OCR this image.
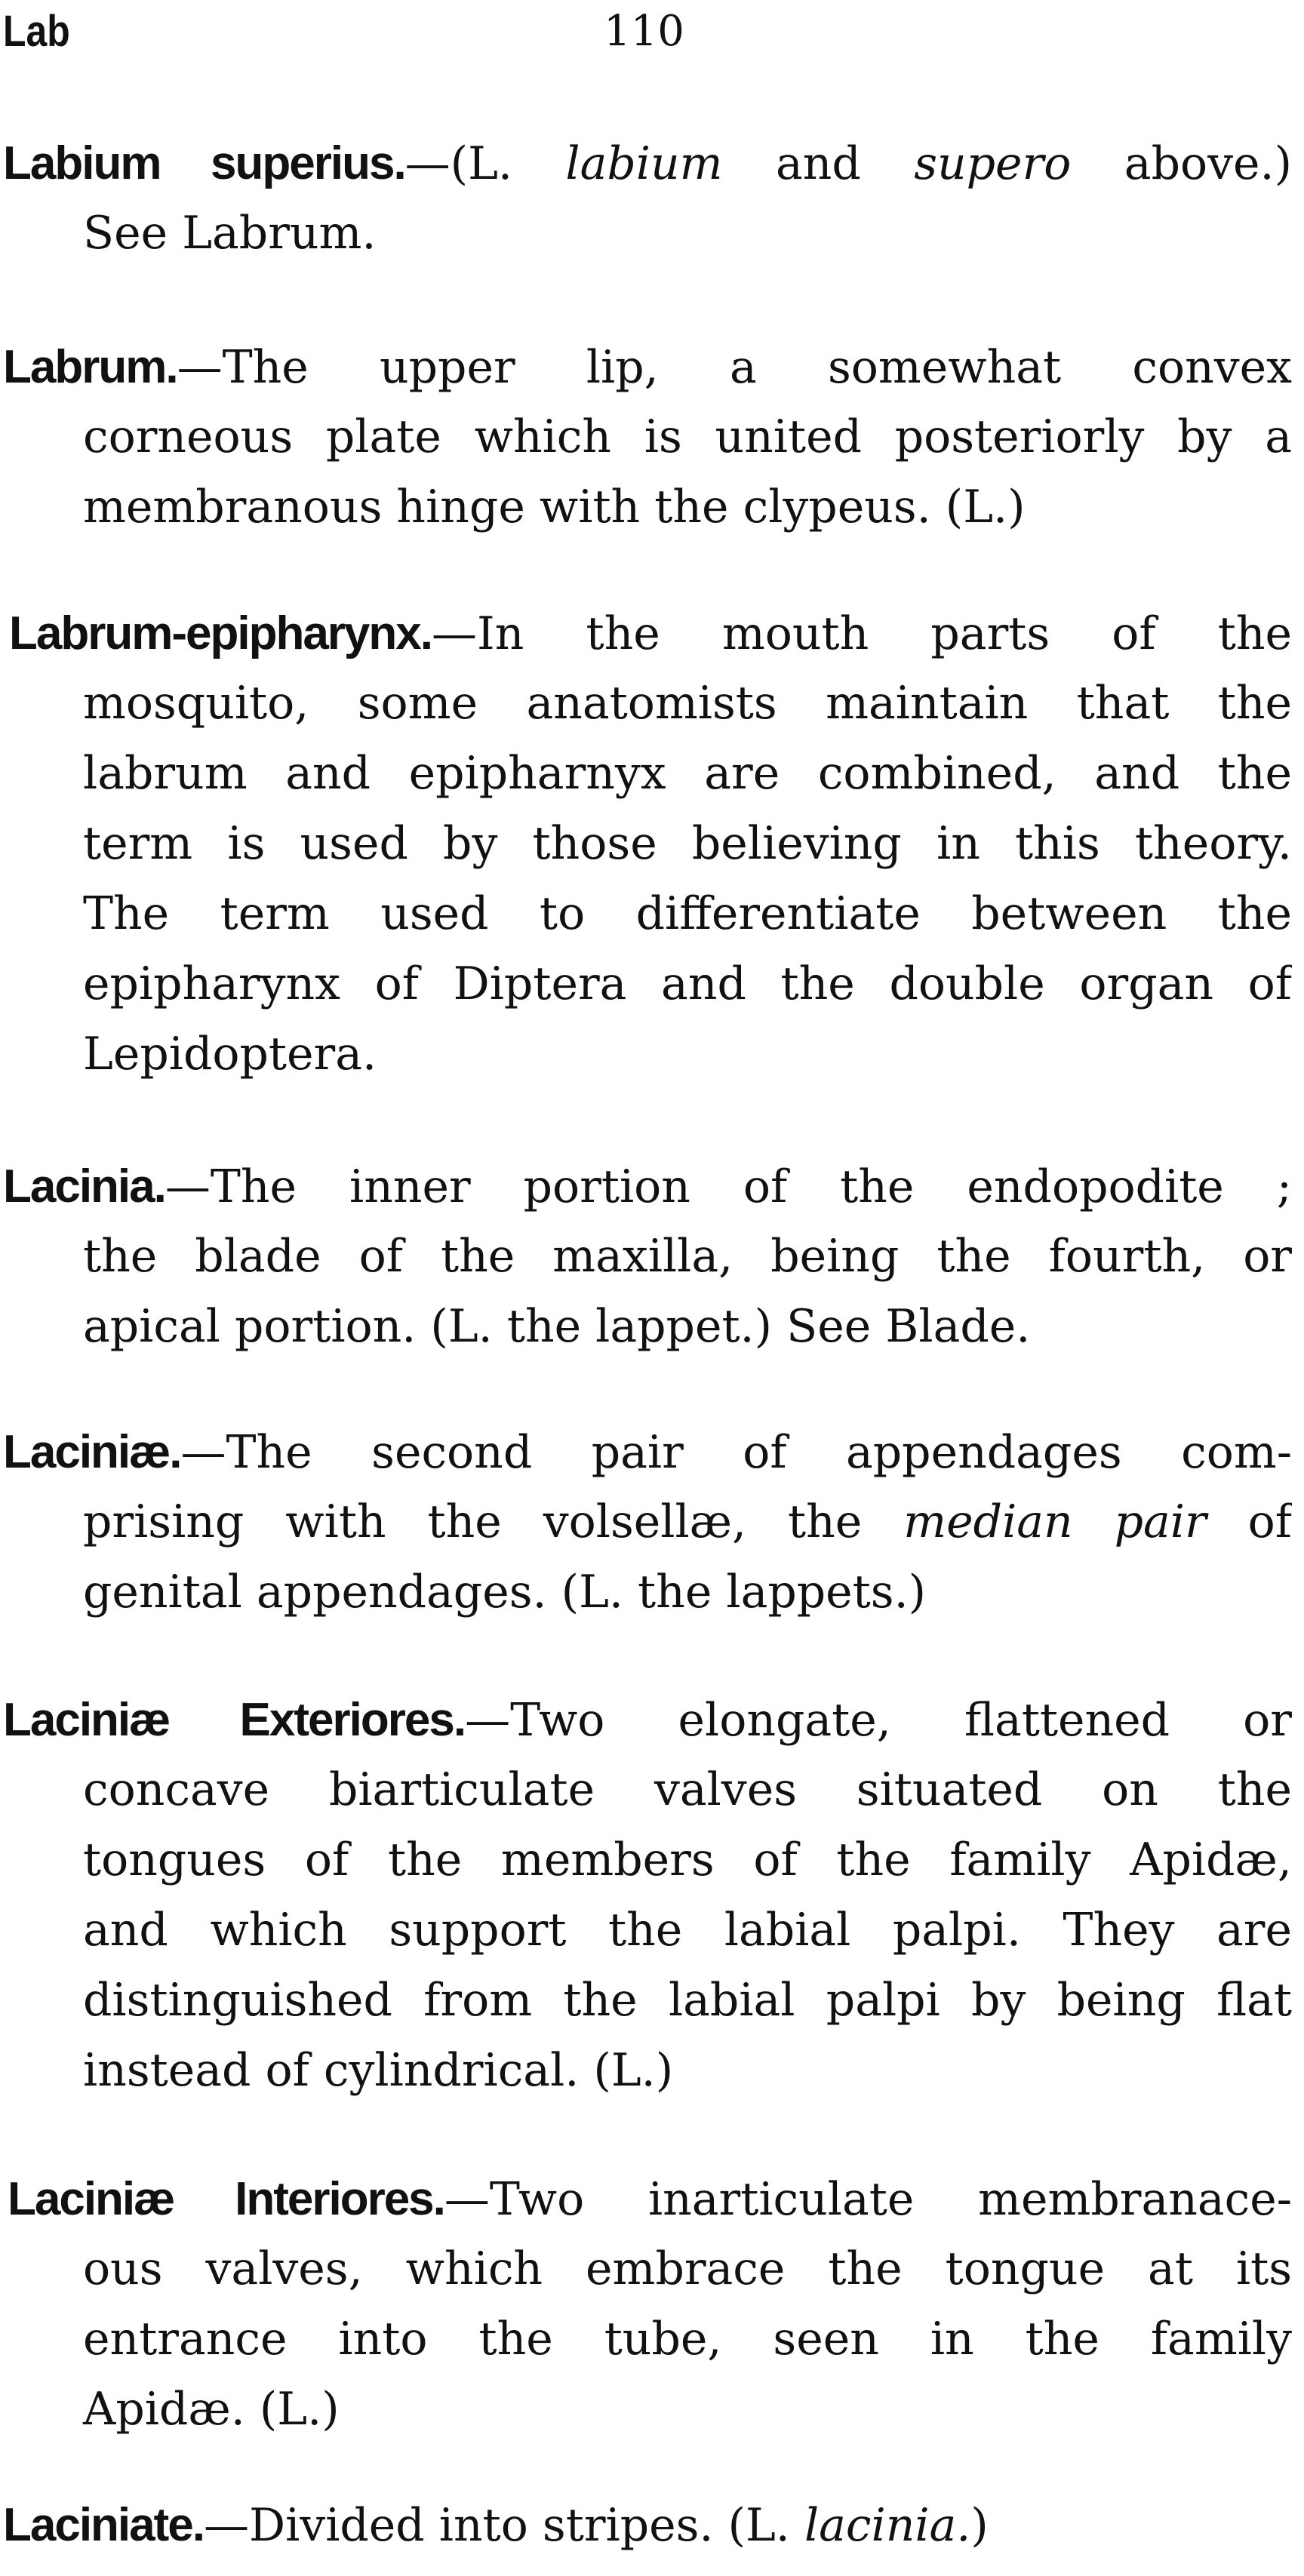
Lab	110
Labium superius.—(L. labium and supero above.)
See Labrum.
Labrum.—The upper lip, a somewhat convex
corneous plate which is united posteriorly by a
membranous hinge with the clypeus. (L.)
Labrum-epipharynx.—In the mouth parts of the
mosquito, some anatomists maintain that the
labrum and epipharnyx are combined, and the
term is used by those believing in this theory.
The term used to differentiate between the
epipharynx of Diptera and the double organ of
Lepidoptera.
Lacinia.—The inner portion of the endopodite ;
the blade of the maxilla, being the fourth, or
apical portion. (L. the lappet.) See Blade.
Laciniæ.—The second pair of appendages com-
prising with the volsellæ, the median pair of
genital appendages. (L. the lappets.)
Laciniæ Exteriores.—Two elongate, flattened or
concave biarticulate valves situated on the
tongues of the members of the family Apidæ,
and which support the labial palpi. They are
distinguished from the labial palpi by being flat
instead of cylindrical. (L.)
Laciniæ Interiores.—Two inarticulate membranace-
ous valves, which embrace the tongue at its
entrance into the tube, seen in the family
Apidæ. (L.)
Laciniate.—Divided into stripes. (L. lacinia.)
